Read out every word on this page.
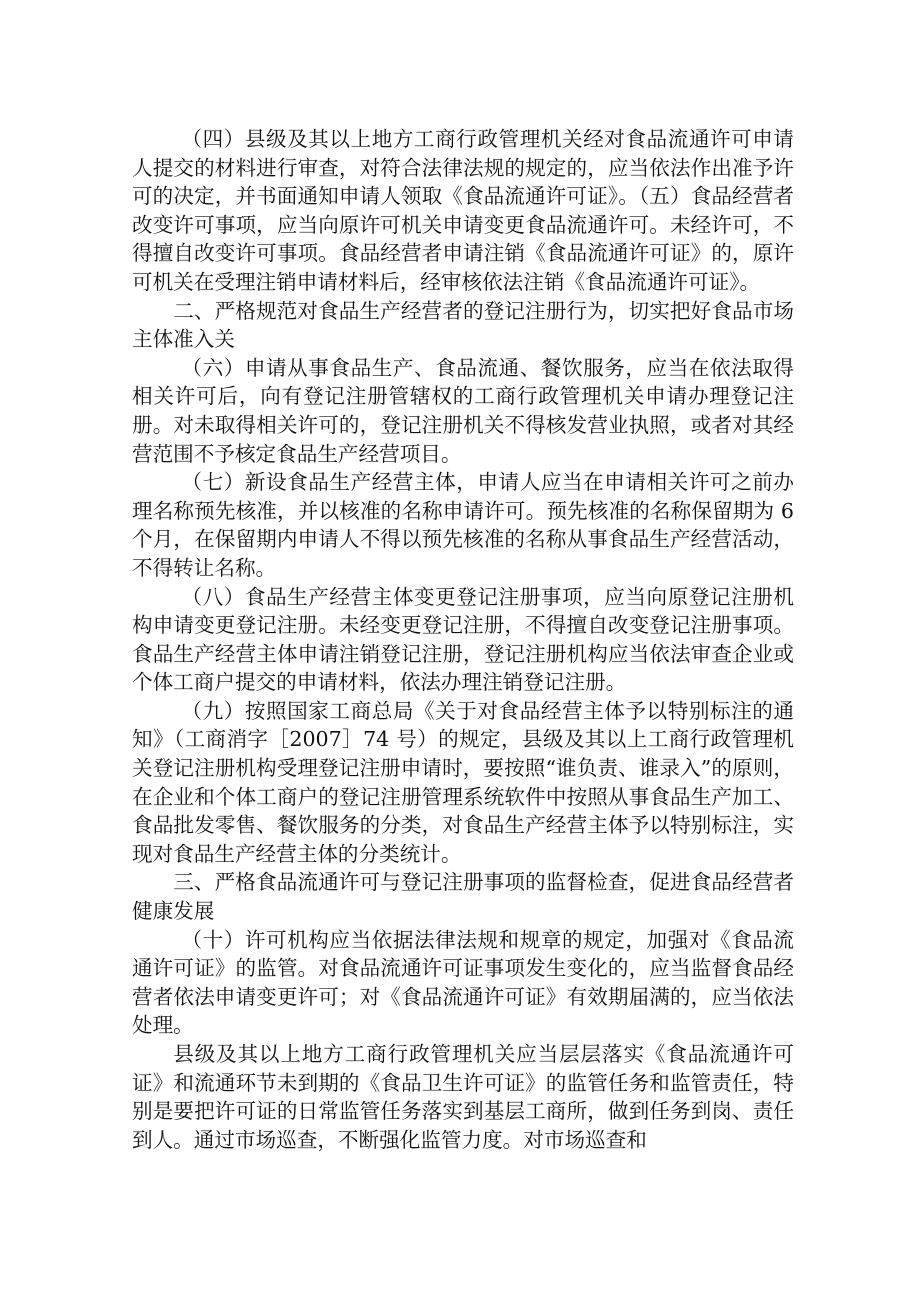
（四）县级及其以上地方工商行政管理机关经对食品流通许可申请人提交的材料进行审查，对符合法律法规的规定的，应当依法作出准予许可的决定，并书面通知申请人领取《食品流通许可证》。（五）食品经营者改变许可事项，应当向原许可机关申请变更食品流通许可。未经许可，不得擅自改变许可事项。食品经营者申请注销《食品流通许可证》的，原许可机关在受理注销申请材料后，经审核依法注销《食品流通许可证》。

二、严格规范对食品生产经营者的登记注册行为，切实把好食品市场主体准入关

（六）申请从事食品生产、食品流通、餐饮服务，应当在依法取得相关许可后，向有登记注册管辖权的工商行政管理机关申请办理登记注册。对未取得相关许可的，登记注册机关不得核发营业执照，或者对其经营范围不予核定食品生产经营项目。

（七）新设食品生产经营主体，申请人应当在申请相关许可之前办理名称预先核准，并以核准的名称申请许可。预先核准的名称保留期为 6 个月，在保留期内申请人不得以预先核准的名称从事食品生产经营活动，不得转让名称。

（八）食品生产经营主体变更登记注册事项，应当向原登记注册机构申请变更登记注册。未经变更登记注册，不得擅自改变登记注册事项。食品生产经营主体申请注销登记注册，登记注册机构应当依法审查企业或个体工商户提交的申请材料，依法办理注销登记注册。

（九）按照国家工商总局《关于对食品经营主体予以特别标注的通知》（工商消字［2007］74 号）的规定，县级及其以上工商行政管理机关登记注册机构受理登记注册申请时，要按照“谁负责、谁录入”的原则，在企业和个体工商户的登记注册管理系统软件中按照从事食品生产加工、食品批发零售、餐饮服务的分类，对食品生产经营主体予以特别标注，实现对食品生产经营主体的分类统计。

三、严格食品流通许可与登记注册事项的监督检查，促进食品经营者健康发展

（十）许可机构应当依据法律法规和规章的规定，加强对《食品流通许可证》的监管。对食品流通许可证事项发生变化的，应当监督食品经营者依法申请变更许可；对《食品流通许可证》有效期届满的，应当依法处理。

县级及其以上地方工商行政管理机关应当层层落实《食品流通许可证》和流通环节未到期的《食品卫生许可证》的监管任务和监管责任，特别是要把许可证的日常监管任务落实到基层工商所，做到任务到岗、责任到人。通过市场巡查，不断强化监管力度。对市场巡查和
